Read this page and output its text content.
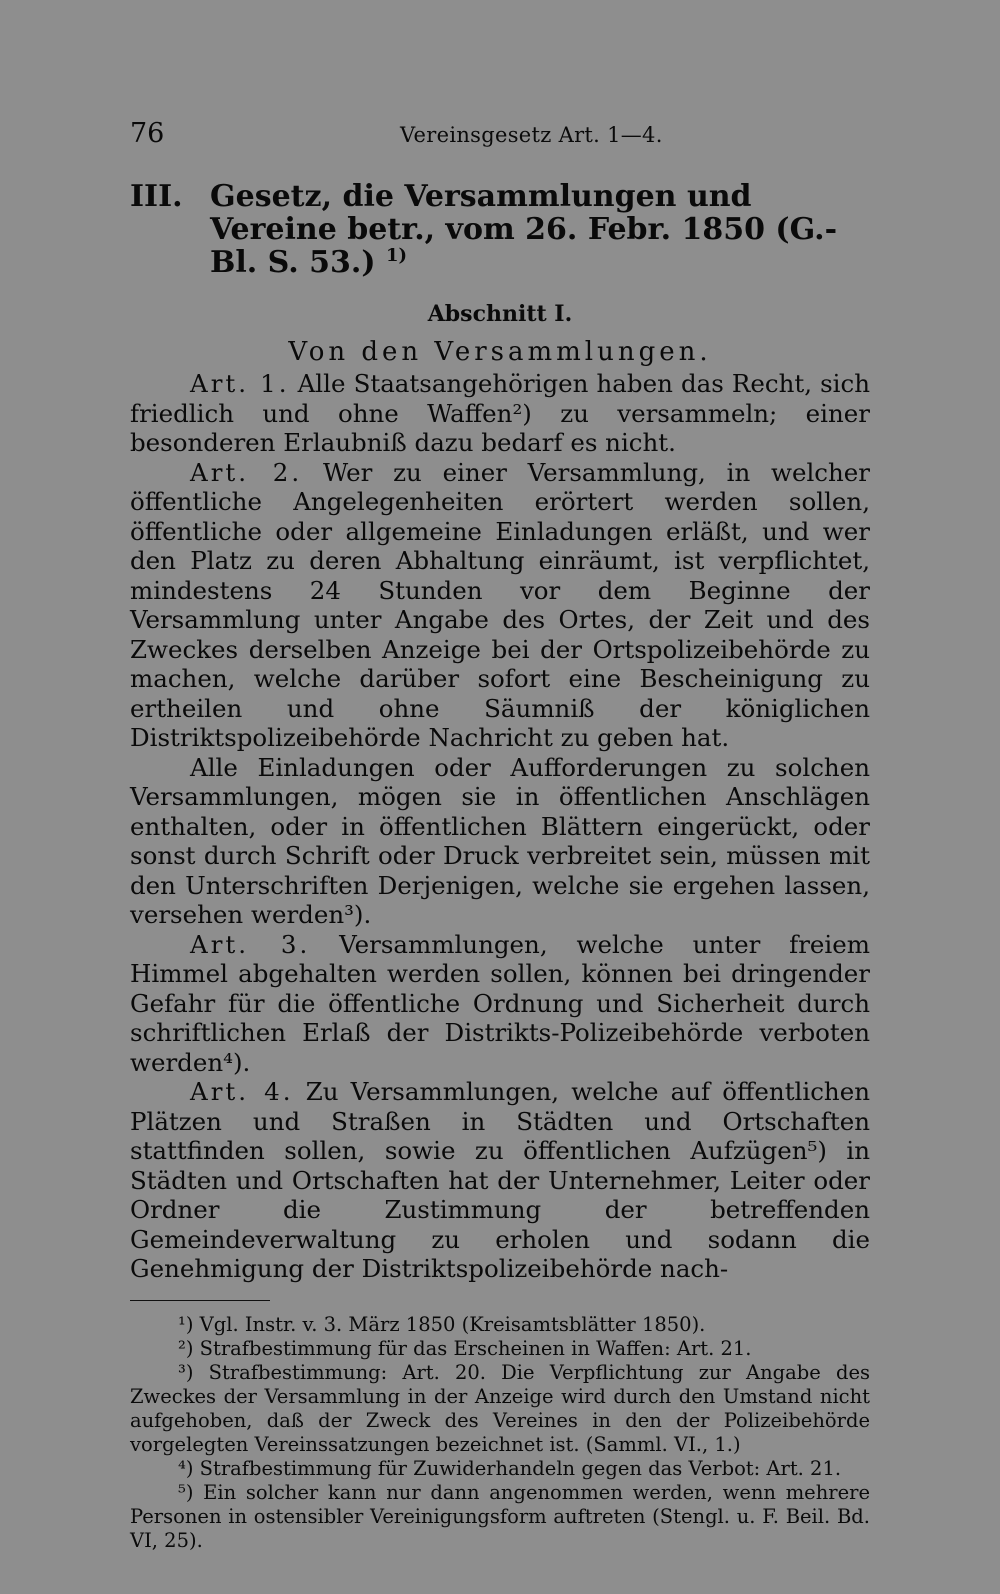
76	Vereinsgesetz Art. 1—4.
III. Gesetz, die Versammlungen und Vereine betr., vom 26. Febr. 1850 (G.-Bl. S. 53.) $^{1)}$
Abschnitt I.
Von den Versammlungen.

Art. 1. Alle Staatsangehörigen haben das Recht, sich friedlich und ohne Waffen²) zu versammeln; einer besonderen Erlaubniß dazu bedarf es nicht.

Art. 2. Wer zu einer Versammlung, in welcher öffentliche Angelegenheiten erörtert werden sollen, öffentliche oder allgemeine Einladungen erläßt, und wer den Platz zu deren Abhaltung einräumt, ist verpflichtet, mindestens 24 Stunden vor dem Beginne der Versammlung unter Angabe des Ortes, der Zeit und des Zweckes derselben Anzeige bei der Ortspolizeibehörde zu machen, welche darüber sofort eine Bescheinigung zu ertheilen und ohne Säumniß der königlichen Distriktspolizeibehörde Nachricht zu geben hat.

Alle Einladungen oder Aufforderungen zu solchen Versammlungen, mögen sie in öffentlichen Anschlägen enthalten, oder in öffentlichen Blättern eingerückt, oder sonst durch Schrift oder Druck verbreitet sein, müssen mit den Unterschriften Derjenigen, welche sie ergehen lassen, versehen werden³).

Art. 3. Versammlungen, welche unter freiem Himmel abgehalten werden sollen, können bei dringender Gefahr für die öffentliche Ordnung und Sicherheit durch schriftlichen Erlaß der Distrikts-Polizeibehörde verboten werden⁴).

Art. 4. Zu Versammlungen, welche auf öffentlichen Plätzen und Straßen in Städten und Ortschaften stattfinden sollen, sowie zu öffentlichen Aufzügen⁵) in Städten und Ortschaften hat der Unternehmer, Leiter oder Ordner die Zustimmung der betreffenden Gemeindeverwaltung zu erholen und sodann die Genehmigung der Distriktspolizeibehörde nach-

¹) Vgl. Instr. v. 3. März 1850 (Kreisamtsblätter 1850).

²) Strafbestimmung für das Erscheinen in Waffen: Art. 21.

³) Strafbestimmung: Art. 20. Die Verpflichtung zur Angabe des Zweckes der Versammlung in der Anzeige wird durch den Umstand nicht aufgehoben, daß der Zweck des Vereines in den der Polizeibehörde vorgelegten Vereinssatzungen bezeichnet ist. (Samml. VI., 1.)

⁴) Strafbestimmung für Zuwiderhandeln gegen das Verbot: Art. 21.

⁵) Ein solcher kann nur dann angenommen werden, wenn mehrere Personen in ostensibler Vereinigungsform auftreten (Stengl. u. F. Beil. Bd. VI, 25).
